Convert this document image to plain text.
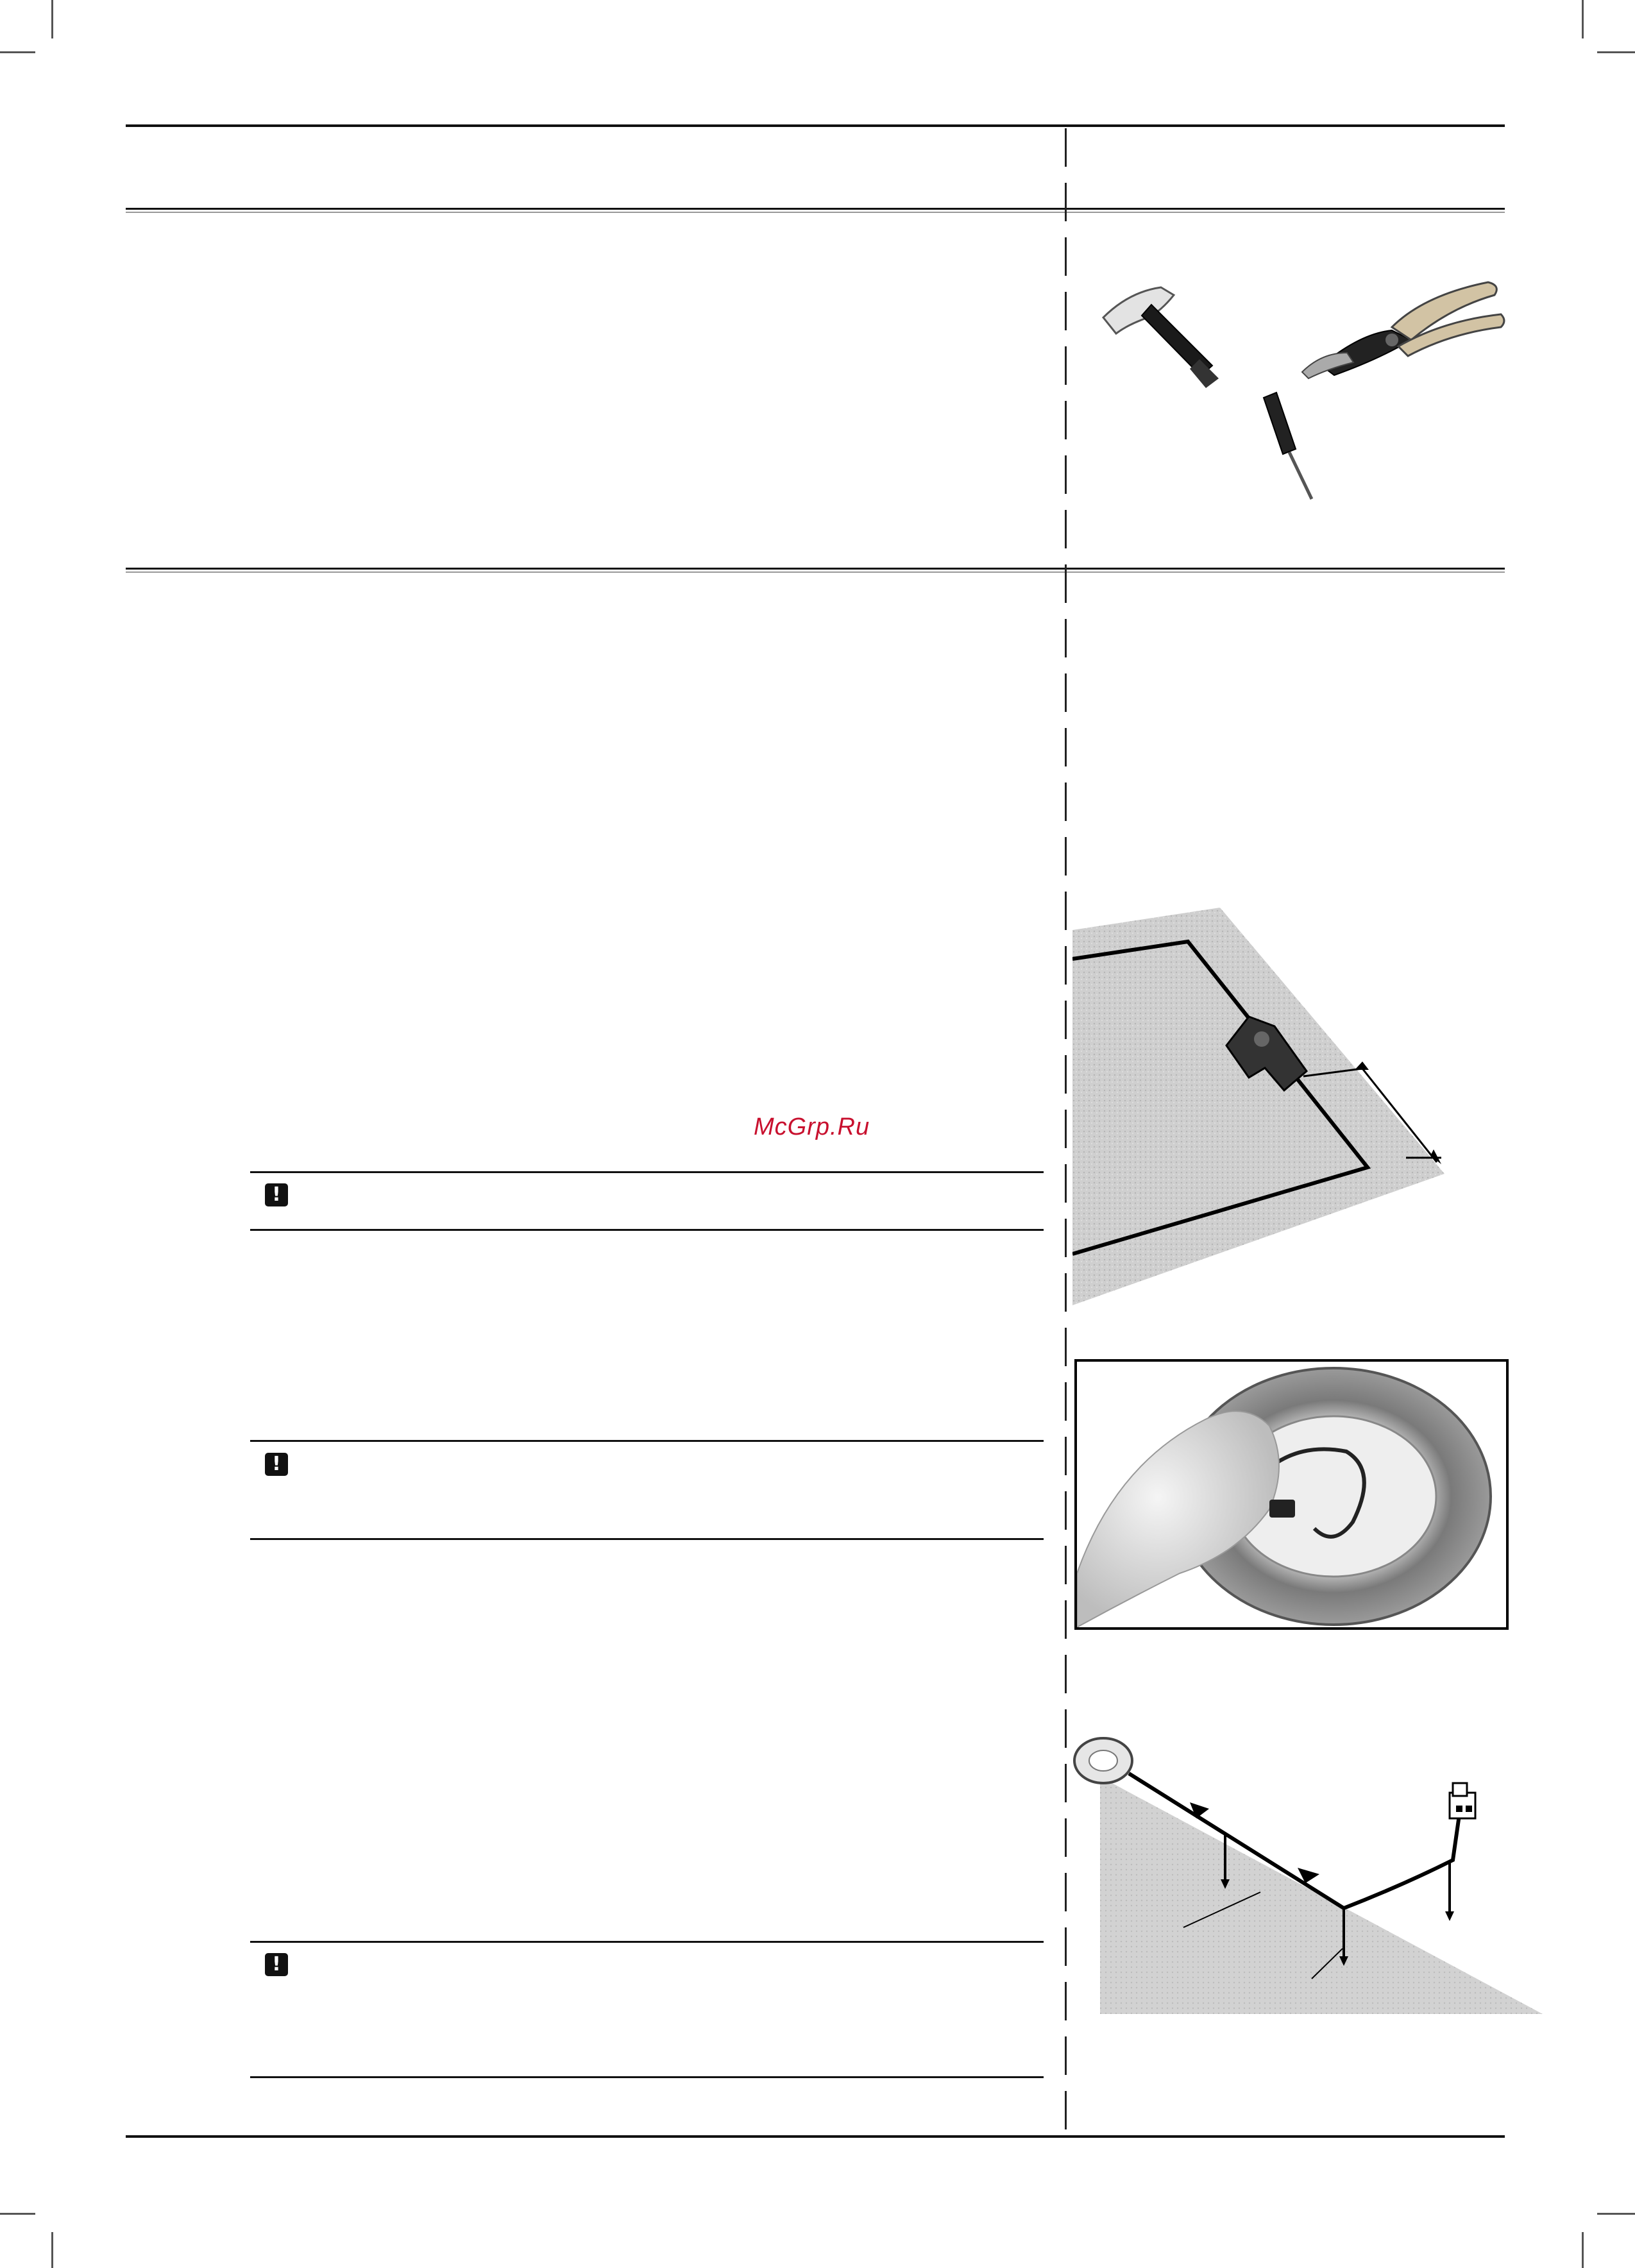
McGrp.Ru
!
!
!
